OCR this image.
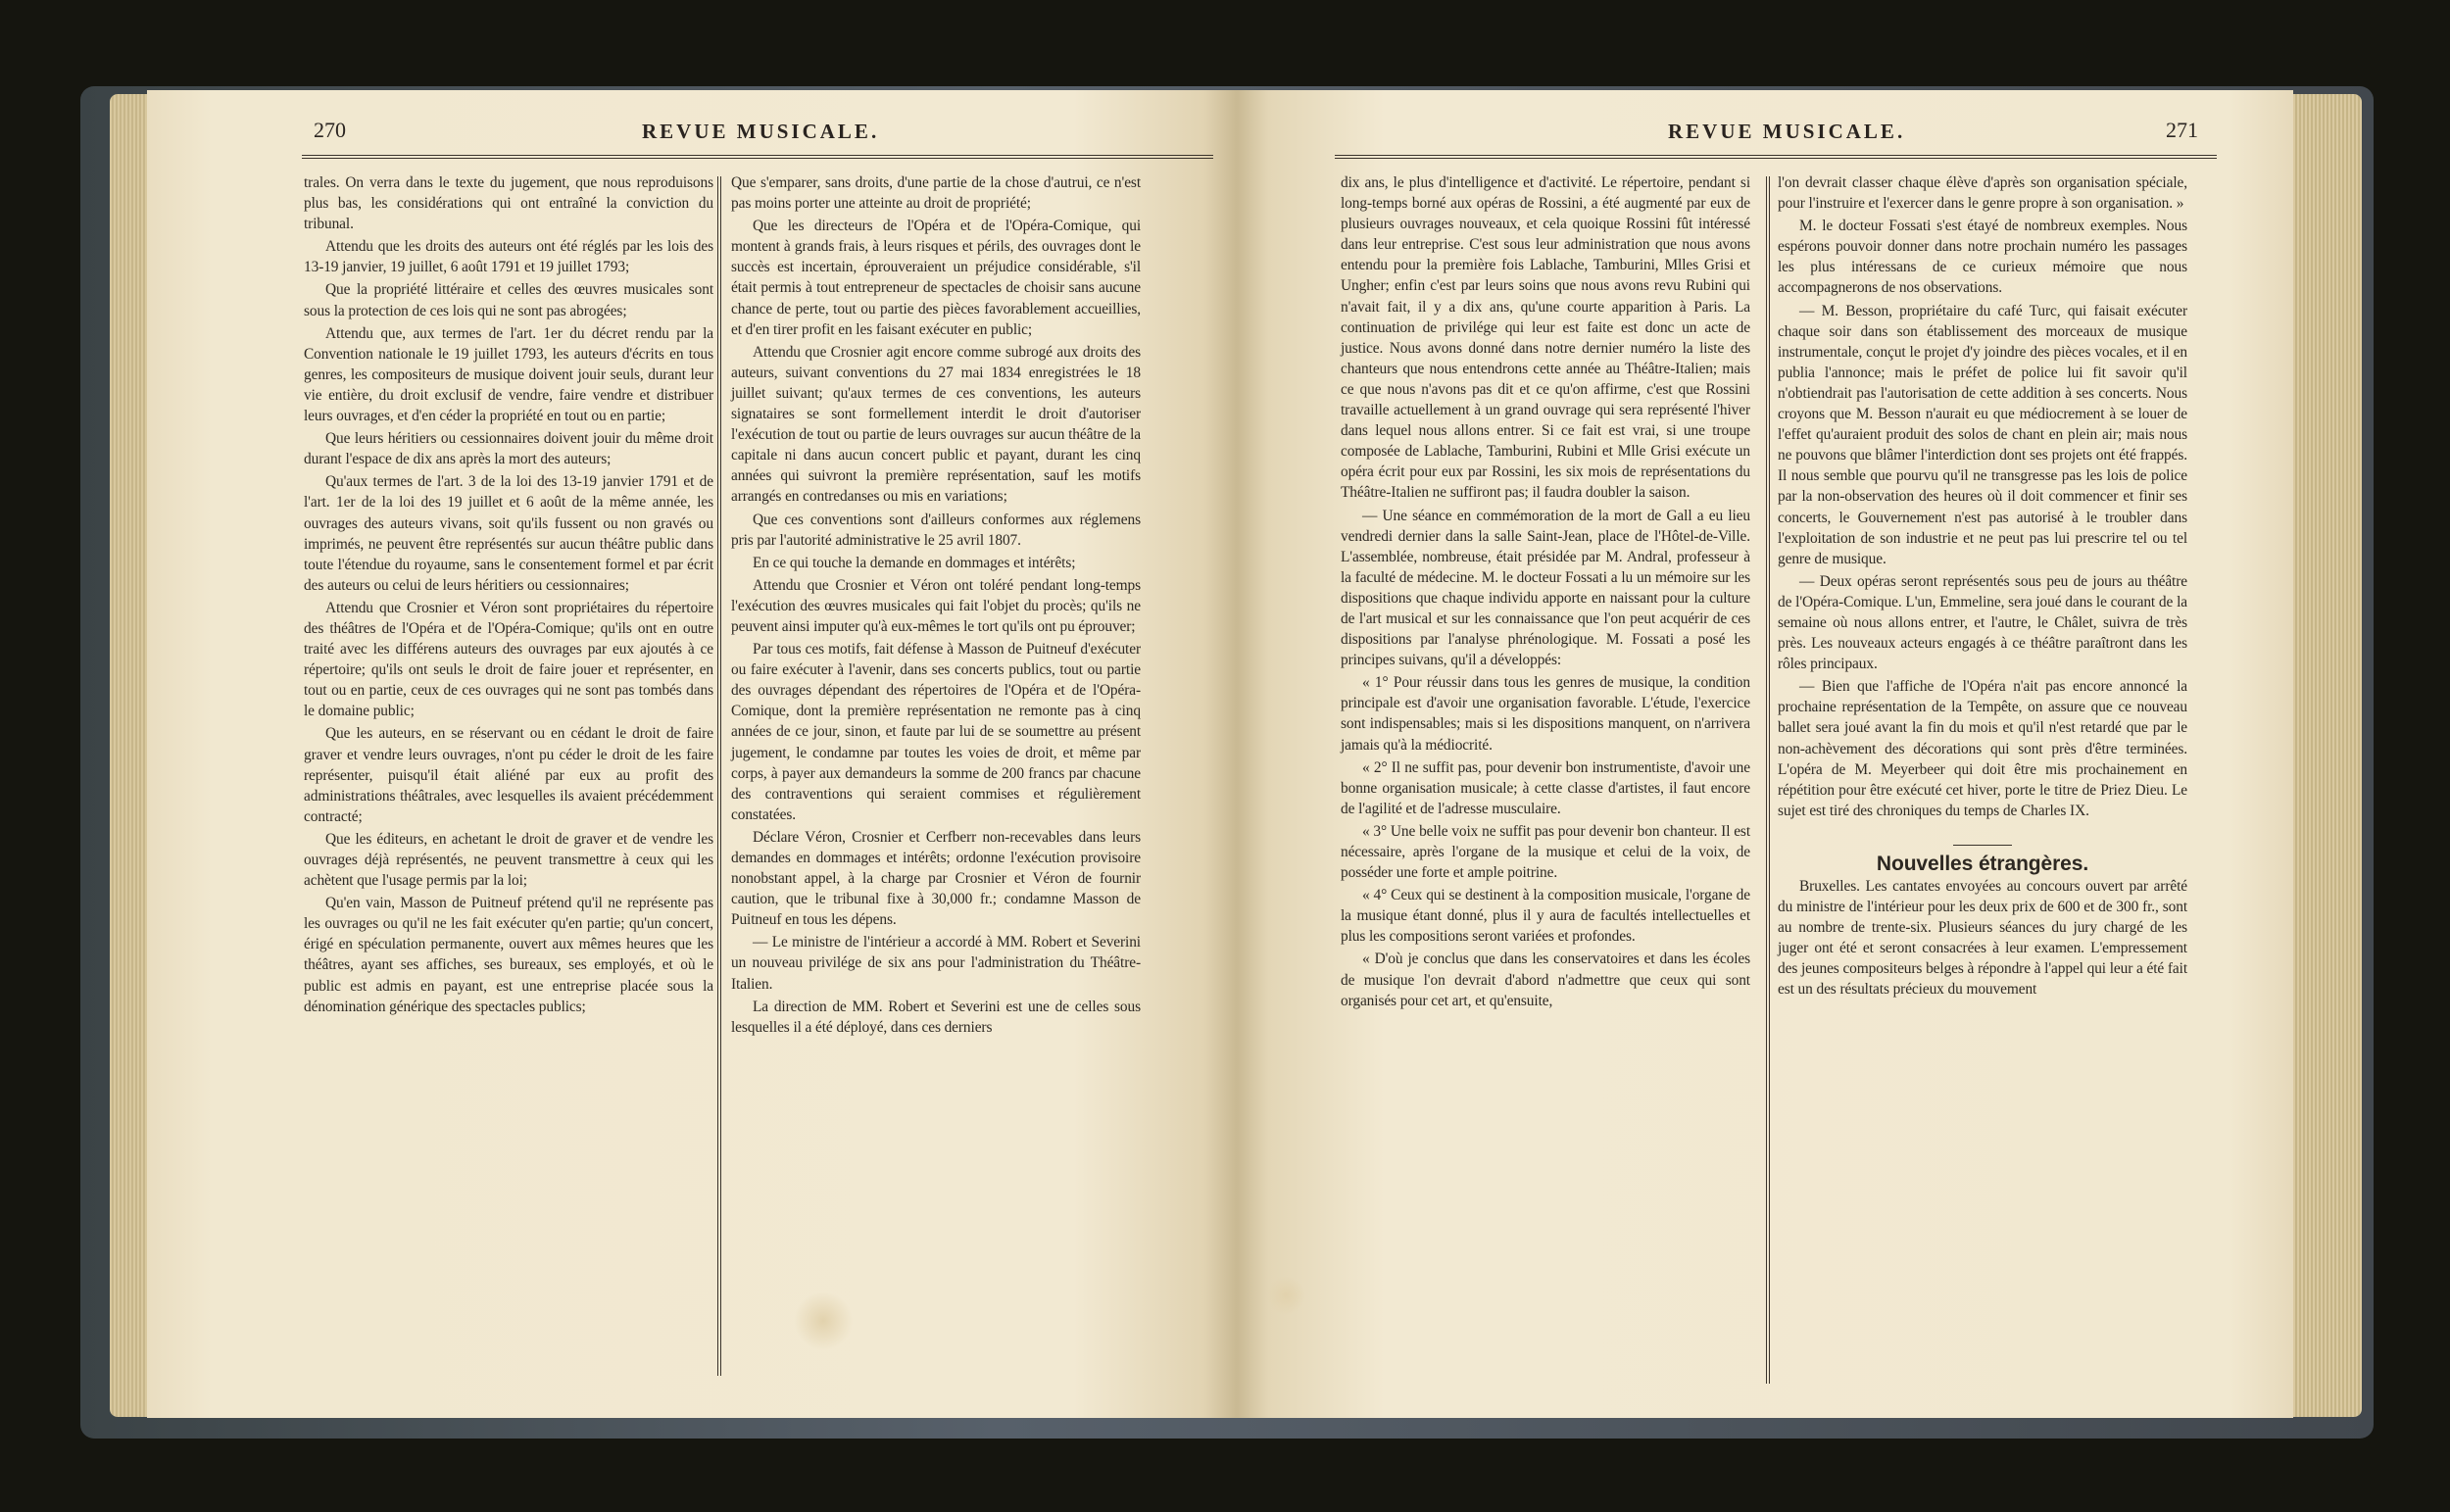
270	REVUE MUSICALE.

trales. On verra dans le texte du jugement, que nous reproduisons plus bas, les considérations qui ont entraîné la conviction du tribunal.

Attendu que les droits des auteurs ont été réglés par les lois des 13-19 janvier, 19 juillet, 6 août 1791 et 19 juillet 1793;

Que la propriété littéraire et celles des œuvres musicales sont sous la protection de ces lois qui ne sont pas abrogées;

Attendu que, aux termes de l'art. 1er du décret rendu par la Convention nationale le 19 juillet 1793, les auteurs d'écrits en tous genres, les compositeurs de musique doivent jouir seuls, durant leur vie entière, du droit exclusif de vendre, faire vendre et distribuer leurs ouvrages, et d'en céder la propriété en tout ou en partie;

Que leurs héritiers ou cessionnaires doivent jouir du même droit durant l'espace de dix ans après la mort des auteurs;

Qu'aux termes de l'art. 3 de la loi des 13-19 janvier 1791 et de l'art. 1er de la loi des 19 juillet et 6 août de la même année, les ouvrages des auteurs vivans, soit qu'ils fussent ou non gravés ou imprimés, ne peuvent être représentés sur aucun théâtre public dans toute l'étendue du royaume, sans le consentement formel et par écrit des auteurs ou celui de leurs héritiers ou cessionnaires;

Attendu que Crosnier et Véron sont propriétaires du répertoire des théâtres de l'Opéra et de l'Opéra-Comique; qu'ils ont en outre traité avec les différens auteurs des ouvrages par eux ajoutés à ce répertoire; qu'ils ont seuls le droit de faire jouer et représenter, en tout ou en partie, ceux de ces ouvrages qui ne sont pas tombés dans le domaine public;

Que les auteurs, en se réservant ou en cédant le droit de faire graver et vendre leurs ouvrages, n'ont pu céder le droit de les faire représenter, puisqu'il était aliéné par eux au profit des administrations théâtrales, avec lesquelles ils avaient précédemment contracté;

Que les éditeurs, en achetant le droit de graver et de vendre les ouvrages déjà représentés, ne peuvent transmettre à ceux qui les achètent que l'usage permis par la loi;

Qu'en vain, Masson de Puitneuf prétend qu'il ne représente pas les ouvrages ou qu'il ne les fait exécuter qu'en partie; qu'un concert, érigé en spéculation permanente, ouvert aux mêmes heures que les théâtres, ayant ses affiches, ses bureaux, ses employés, et où le public est admis en payant, est une entreprise placée sous la dénomination générique des spectacles publics;

Que s'emparer, sans droits, d'une partie de la chose d'autrui, ce n'est pas moins porter une atteinte au droit de propriété;

Que les directeurs de l'Opéra et de l'Opéra-Comique, qui montent à grands frais, à leurs risques et périls, des ouvrages dont le succès est incertain, éprouveraient un préjudice considérable, s'il était permis à tout entrepreneur de spectacles de choisir sans aucune chance de perte, tout ou partie des pièces favorablement accueillies, et d'en tirer profit en les faisant exécuter en public;

Attendu que Crosnier agit encore comme subrogé aux droits des auteurs, suivant conventions du 27 mai 1834 enregistrées le 18 juillet suivant; qu'aux termes de ces conventions, les auteurs signataires se sont formellement interdit le droit d'autoriser l'exécution de tout ou partie de leurs ouvrages sur aucun théâtre de la capitale ni dans aucun concert public et payant, durant les cinq années qui suivront la première représentation, sauf les motifs arrangés en contredanses ou mis en variations;

Que ces conventions sont d'ailleurs conformes aux réglemens pris par l'autorité administrative le 25 avril 1807.

En ce qui touche la demande en dommages et intérêts;

Attendu que Crosnier et Véron ont toléré pendant long-temps l'exécution des œuvres musicales qui fait l'objet du procès; qu'ils ne peuvent ainsi imputer qu'à eux-mêmes le tort qu'ils ont pu éprouver;

Par tous ces motifs, fait défense à Masson de Puitneuf d'exécuter ou faire exécuter à l'avenir, dans ses concerts publics, tout ou partie des ouvrages dépendant des répertoires de l'Opéra et de l'Opéra-Comique, dont la première représentation ne remonte pas à cinq années de ce jour, sinon, et faute par lui de se soumettre au présent jugement, le condamne par toutes les voies de droit, et même par corps, à payer aux demandeurs la somme de 200 francs par chacune des contraventions qui seraient commises et régulièrement constatées.

Déclare Véron, Crosnier et Cerfberr non-recevables dans leurs demandes en dommages et intérêts; ordonne l'exécution provisoire nonobstant appel, à la charge par Crosnier et Véron de fournir caution, que le tribunal fixe à 30,000 fr.; condamne Masson de Puitneuf en tous les dépens.

— Le ministre de l'intérieur a accordé à MM. Robert et Severini un nouveau privilége de six ans pour l'administration du Théâtre-Italien.

La direction de MM. Robert et Severini est une de celles sous lesquelles il a été déployé, dans ces derniers

REVUE MUSICALE.	271

dix ans, le plus d'intelligence et d'activité. Le répertoire, pendant si long-temps borné aux opéras de Rossini, a été augmenté par eux de plusieurs ouvrages nouveaux, et cela quoique Rossini fût intéressé dans leur entreprise. C'est sous leur administration que nous avons entendu pour la première fois Lablache, Tamburini, Mlles Grisi et Ungher; enfin c'est par leurs soins que nous avons revu Rubini qui n'avait fait, il y a dix ans, qu'une courte apparition à Paris. La continuation de privilége qui leur est faite est donc un acte de justice. Nous avons donné dans notre dernier numéro la liste des chanteurs que nous entendrons cette année au Théâtre-Italien; mais ce que nous n'avons pas dit et ce qu'on affirme, c'est que Rossini travaille actuellement à un grand ouvrage qui sera représenté l'hiver dans lequel nous allons entrer. Si ce fait est vrai, si une troupe composée de Lablache, Tamburini, Rubini et Mlle Grisi exécute un opéra écrit pour eux par Rossini, les six mois de représentations du Théâtre-Italien ne suffiront pas; il faudra doubler la saison.

— Une séance en commémoration de la mort de Gall a eu lieu vendredi dernier dans la salle Saint-Jean, place de l'Hôtel-de-Ville. L'assemblée, nombreuse, était présidée par M. Andral, professeur à la faculté de médecine. M. le docteur Fossati a lu un mémoire sur les dispositions que chaque individu apporte en naissant pour la culture de l'art musical et sur les connaissance que l'on peut acquérir de ces dispositions par l'analyse phrénologique. M. Fossati a posé les principes suivans, qu'il a développés:

« 1° Pour réussir dans tous les genres de musique, la condition principale est d'avoir une organisation favorable. L'étude, l'exercice sont indispensables; mais si les dispositions manquent, on n'arrivera jamais qu'à la médiocrité.

« 2° Il ne suffit pas, pour devenir bon instrumentiste, d'avoir une bonne organisation musicale; à cette classe d'artistes, il faut encore de l'agilité et de l'adresse musculaire.

« 3° Une belle voix ne suffit pas pour devenir bon chanteur. Il est nécessaire, après l'organe de la musique et celui de la voix, de posséder une forte et ample poitrine.

« 4° Ceux qui se destinent à la composition musicale, l'organe de la musique étant donné, plus il y aura de facultés intellectuelles et plus les compositions seront variées et profondes.

« D'où je conclus que dans les conservatoires et dans les écoles de musique l'on devrait d'abord n'admettre que ceux qui sont organisés pour cet art, et qu'ensuite,

l'on devrait classer chaque élève d'après son organisation spéciale, pour l'instruire et l'exercer dans le genre propre à son organisation. »

M. le docteur Fossati s'est étayé de nombreux exemples. Nous espérons pouvoir donner dans notre prochain numéro les passages les plus intéressans de ce curieux mémoire que nous accompagnerons de nos observations.

— M. Besson, propriétaire du café Turc, qui faisait exécuter chaque soir dans son établissement des morceaux de musique instrumentale, conçut le projet d'y joindre des pièces vocales, et il en publia l'annonce; mais le préfet de police lui fit savoir qu'il n'obtiendrait pas l'autorisation de cette addition à ses concerts. Nous croyons que M. Besson n'aurait eu que médiocrement à se louer de l'effet qu'auraient produit des solos de chant en plein air; mais nous ne pouvons que blâmer l'interdiction dont ses projets ont été frappés. Il nous semble que pourvu qu'il ne transgresse pas les lois de police par la non-observation des heures où il doit commencer et finir ses concerts, le Gouvernement n'est pas autorisé à le troubler dans l'exploitation de son industrie et ne peut pas lui prescrire tel ou tel genre de musique.

— Deux opéras seront représentés sous peu de jours au théâtre de l'Opéra-Comique. L'un, Emmeline, sera joué dans le courant de la semaine où nous allons entrer, et l'autre, le Châlet, suivra de très près. Les nouveaux acteurs engagés à ce théâtre paraîtront dans les rôles principaux.

— Bien que l'affiche de l'Opéra n'ait pas encore annoncé la prochaine représentation de la Tempête, on assure que ce nouveau ballet sera joué avant la fin du mois et qu'il n'est retardé que par le non-achèvement des décorations qui sont près d'être terminées. L'opéra de M. Meyerbeer qui doit être mis prochainement en répétition pour être exécuté cet hiver, porte le titre de Priez Dieu. Le sujet est tiré des chroniques du temps de Charles IX.

Nouvelles étrangères.

Bruxelles. Les cantates envoyées au concours ouvert par arrêté du ministre de l'intérieur pour les deux prix de 600 et de 300 fr., sont au nombre de trente-six. Plusieurs séances du jury chargé de les juger ont été et seront consacrées à leur examen. L'empressement des jeunes compositeurs belges à répondre à l'appel qui leur a été fait est un des résultats précieux du mouvement
